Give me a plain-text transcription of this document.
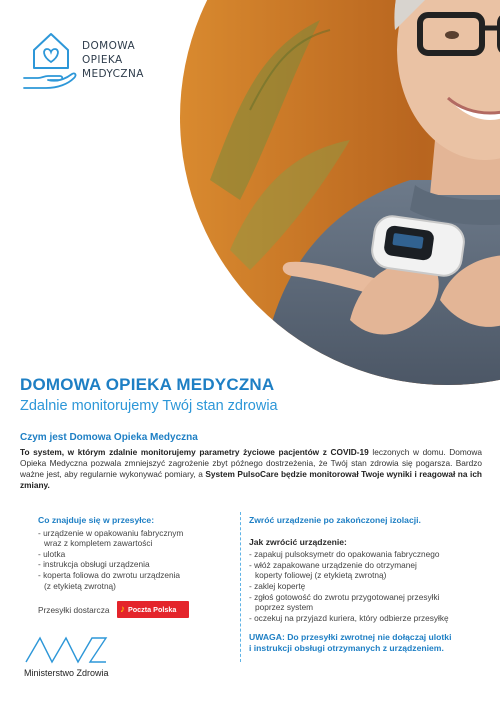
DOMOWA
OPIEKA
MEDYCZNA
DOMOWA OPIEKA MEDYCZNA
Zdalnie monitorujemy Twój stan zdrowia
Czym jest Domowa Opieka Medyczna

To system, w którym zdalnie monitorujemy parametry życiowe pacjentów z COVID-19 leczonych w domu. Domowa Opieka Medyczna pozwala zmniejszyć zagrożenie zbyt późnego dostrzeżenia, że Twój stan zdrowia się pogarsza. Bardzo ważne jest, aby regularnie wykonywać pomiary, a System PulsoCare będzie monitorował Twoje wyniki i reagował na ich zmiany.

Co znajduje się w przesyłce:
- urządzenie w opakowaniu fabrycznym
wraz z kompletem zawartości
- ulotka
- instrukcja obsługi urządzenia
- koperta foliowa do zwrotu urządzenia
(z etykietą zwrotną)
Przesyłki dostarcza ♪ Poczta Polska
Zwróć urządzenie po zakończonej izolacji.
Jak zwrócić urządzenie:
- zapakuj pulsoksymetr do opakowania fabrycznego
- włóż zapakowane urządzenie do otrzymanej
koperty foliowej (z etykietą zwrotną)
- zaklej kopertę
- zgłoś gotowość do zwrotu przygotowanej przesyłki
poprzez system
- oczekuj na przyjazd kuriera, który odbierze przesyłkę
UWAGA: Do przesyłki zwrotnej nie dołączaj ulotki
i instrukcji obsługi otrzymanych z urządzeniem.
Ministerstwo Zdrowia
